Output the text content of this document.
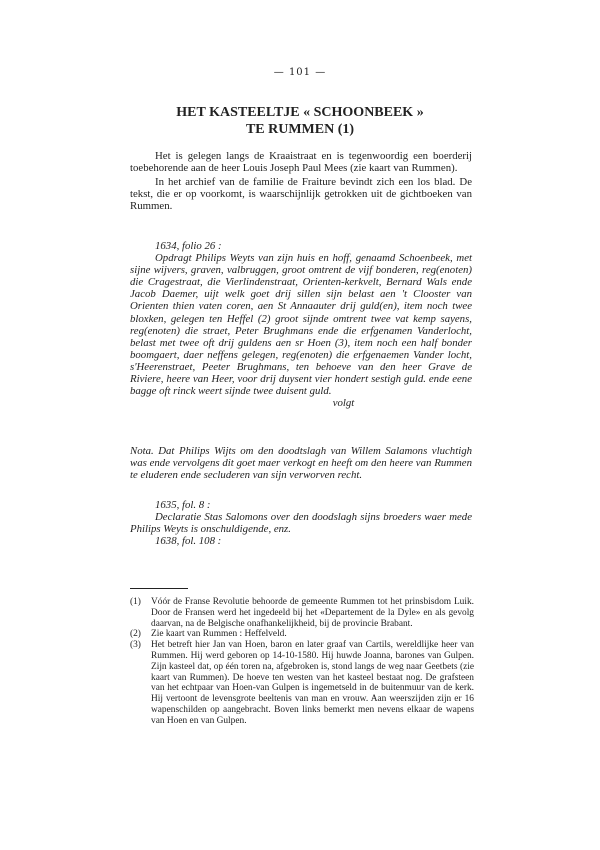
— 101 —
HET KASTEELTJE « SCHOONBEEK »
TE RUMMEN (1)

Het is gelegen langs de Kraaistraat en is tegenwoordig een boerderij toebehorende aan de heer Louis Joseph Paul Mees (zie kaart van Rummen).

In het archief van de familie de Fraiture bevindt zich een los blad. De tekst, die er op voorkomt, is waarschijnlijk getrokken uit de gichtboeken van Rummen.

1634, folio 26 :

Opdragt Philips Weyts van zijn huis en hoff, genaamd Schoenbeek, met sijne wijvers, graven, valbruggen, groot omtrent de vijf bonderen, reg(enoten) die Cragestraat, die Vierlindenstraat, Orienten-kerkvelt, Bernard Wals ende Jacob Daemer, uijt welk goet drij sillen sijn belast aen 't Clooster van Orienten thien vaten coren, aen St Annaauter drij guld(en), item noch twee bloxken, gelegen ten Heffel (2) groot sijnde omtrent twee vat kemp sayens, reg(enoten) die straet, Peter Brughmans ende die erfgenamen Vanderlocht, belast met twee oft drij guldens aen sr Hoen (3), item noch een half bonder boomgaert, daer neffens gelegen, reg(enoten) die erfgenaemen Vander locht, s'Heerenstraet, Peeter Brughmans, ten behoeve van den heer Grave de Riviere, heere van Heer, voor drij duysent vier hondert sestigh guld. ende eene bagge oft rinck weert sijnde twee duisent guld.

volgt

Nota. Dat Philips Wijts om den doodtslagh van Willem Salamons vluchtigh was ende vervolgens dit goet maer verkogt en heeft om den heere van Rummen te eluderen ende secluderen van sijn verworven recht.

1635, fol. 8 :

Declaratie Stas Salomons over den doodslagh sijns broeders waer mede Philips Weyts is onschuldigende, enz.

1638, fol. 108 :

(1)	Vóór de Franse Revolutie behoorde de gemeente Rummen tot het prinsbisdom Luik. Door de Fransen werd het ingedeeld bij het «Departement de la Dyle» en als gevolg daarvan, na de Belgische onafhankelijkheid, bij de provincie Brabant.
(2)	Zie kaart van Rummen : Heffelveld.
(3)	Het betreft hier Jan van Hoen, baron en later graaf van Cartils, wereldlijke heer van Rummen. Hij werd geboren op 14-10-1580. Hij huwde Joanna, barones van Gulpen. Zijn kasteel dat, op één toren na, afgebroken is, stond langs de weg naar Geetbets (zie kaart van Rummen). De hoeve ten westen van het kasteel bestaat nog. De grafsteen van het echtpaar van Hoen-van Gulpen is ingemetseld in de buitenmuur van de kerk. Hij vertoont de levensgrote beeltenis van man en vrouw. Aan weerszijden zijn er 16 wapenschilden op aangebracht. Boven links bemerkt men nevens elkaar de wapens van Hoen en van Gulpen.
